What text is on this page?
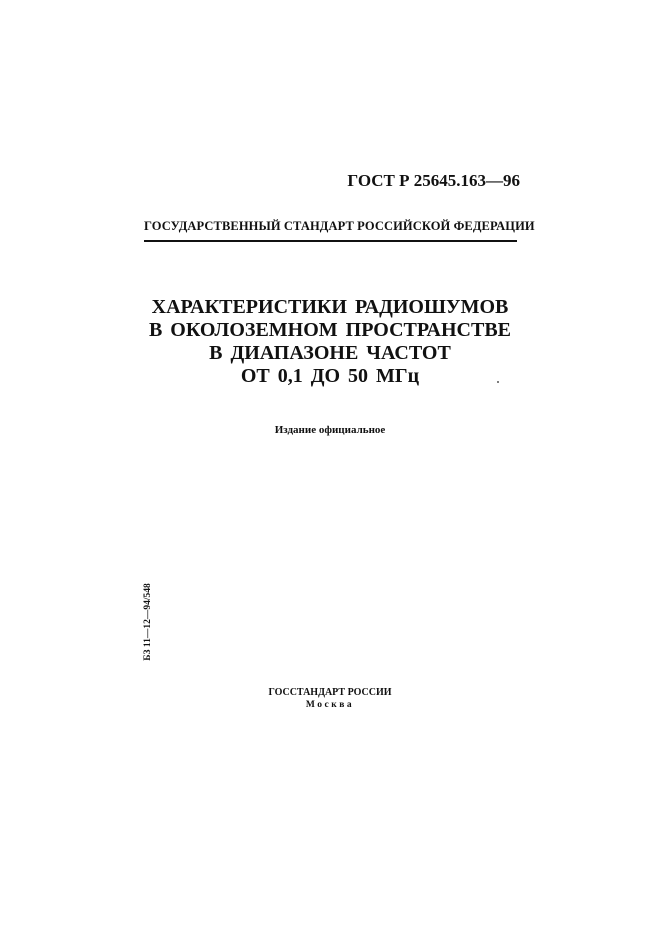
ГОСТ Р 25645.163—96
ГОСУДАРСТВЕННЫЙ СТАНДАРТ РОССИЙСКОЙ ФЕДЕРАЦИИ
ХАРАКТЕРИСТИКИ РАДИОШУМОВ
В ОКОЛОЗЕМНОМ ПРОСТРАНСТВЕ
В ДИАПАЗОНЕ ЧАСТОТ
ОТ 0,1 ДО 50 МГц
Издание официальное
БЗ 11—12—94/548
ГОССТАНДАРТ РОССИИ
Москва
